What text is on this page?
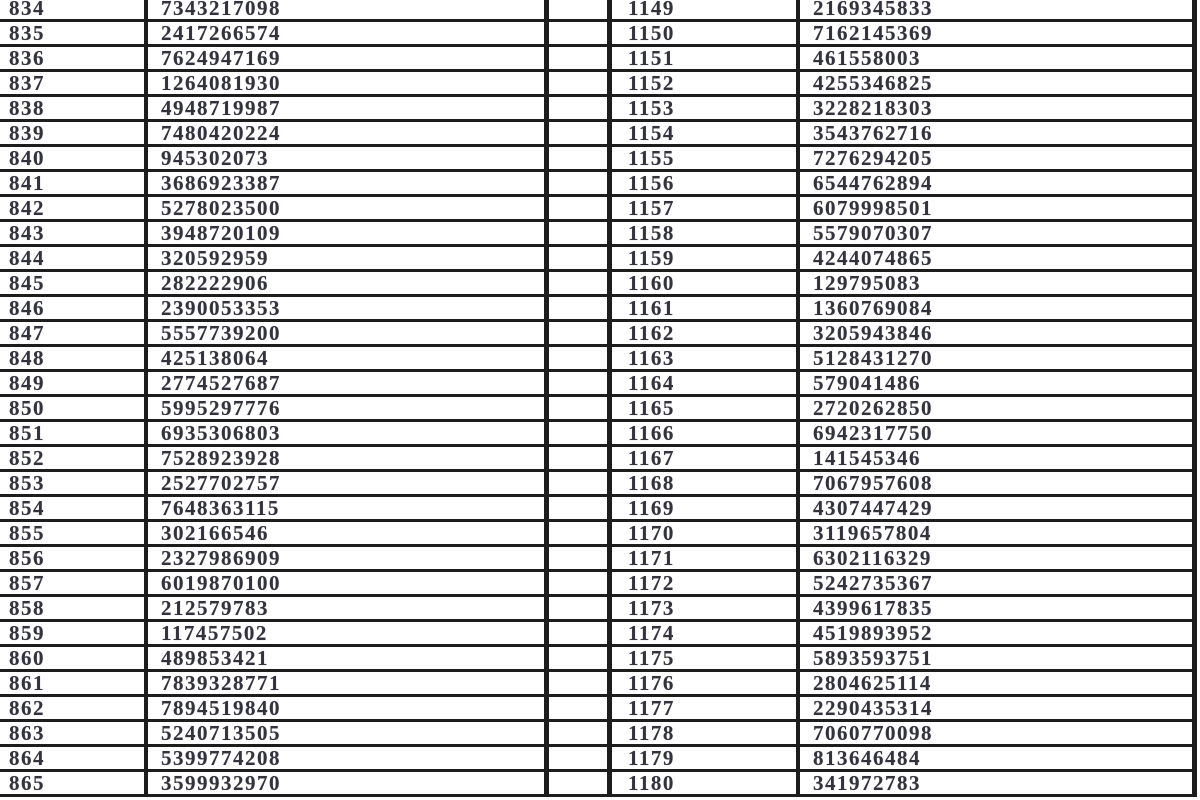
834	7343217098	1149	2169345833
835	2417266574	1150	7162145369
836	7624947169	1151	461558003
837	1264081930	1152	4255346825
838	4948719987	1153	3228218303
839	7480420224	1154	3543762716
840	945302073	1155	7276294205
841	3686923387	1156	6544762894
842	5278023500	1157	6079998501
843	3948720109	1158	5579070307
844	320592959	1159	4244074865
845	282222906	1160	129795083
846	2390053353	1161	1360769084
847	5557739200	1162	3205943846
848	425138064	1163	5128431270
849	2774527687	1164	579041486
850	5995297776	1165	2720262850
851	6935306803	1166	6942317750
852	7528923928	1167	141545346
853	2527702757	1168	7067957608
854	7648363115	1169	4307447429
855	302166546	1170	3119657804
856	2327986909	1171	6302116329
857	6019870100	1172	5242735367
858	212579783	1173	4399617835
859	117457502	1174	4519893952
860	489853421	1175	5893593751
861	7839328771	1176	2804625114
862	7894519840	1177	2290435314
863	5240713505	1178	7060770098
864	5399774208	1179	813646484
865	3599932970	1180	341972783
